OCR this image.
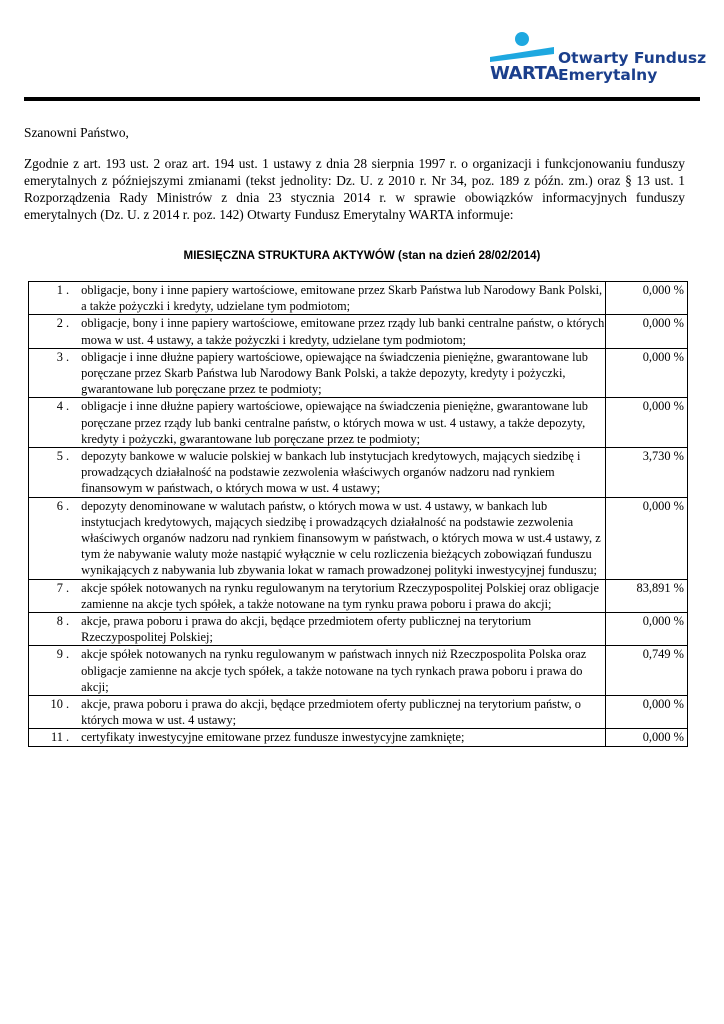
WARTA
Otwarty Fundusz
Emerytalny
Szanowni Państwo,
Zgodnie z art. 193 ust. 2 oraz art. 194 ust. 1 ustawy z dnia 28 sierpnia 1997 r. o organizacji i funkcjonowaniu funduszy emerytalnych z późniejszymi zmianami (tekst jednolity: Dz. U. z 2010 r. Nr 34, poz. 189 z późn. zm.) oraz § 13 ust. 1 Rozporządzenia Rady Ministrów z dnia 23 stycznia 2014 r. w sprawie obowiązków informacyjnych funduszy emerytalnych (Dz. U. z 2014 r. poz. 142) Otwarty Fundusz Emerytalny WARTA informuje:
MIESIĘCZNA STRUKTURA AKTYWÓW (stan na dzień 28/02/2014)
1 .	obligacje, bony i inne papiery wartościowe, emitowane przez Skarb Państwa lub Narodowy Bank Polski, a także pożyczki i kredyty, udzielane tym podmiotom;	0,000 %
2 .	obligacje, bony i inne papiery wartościowe, emitowane przez rządy lub banki centralne państw, o których mowa w ust. 4 ustawy, a także pożyczki i kredyty, udzielane tym podmiotom;	0,000 %
3 .	obligacje i inne dłużne papiery wartościowe, opiewające na świadczenia pieniężne, gwarantowane lub poręczane przez Skarb Państwa lub Narodowy Bank Polski, a także depozyty, kredyty i pożyczki, gwarantowane lub poręczane przez te podmioty;	0,000 %
4 .	obligacje i inne dłużne papiery wartościowe, opiewające na świadczenia pieniężne, gwarantowane lub poręczane przez rządy lub banki centralne państw, o których mowa w ust. 4 ustawy, a także depozyty, kredyty i pożyczki, gwarantowane lub poręczane przez te podmioty;	0,000 %
5 .	depozyty bankowe w walucie polskiej w bankach lub instytucjach kredytowych, mających siedzibę i prowadzących działalność na podstawie zezwolenia właściwych organów nadzoru nad rynkiem finansowym w państwach, o których mowa w ust. 4 ustawy;	3,730 %
6 .	depozyty denominowane w walutach państw, o których mowa w ust. 4 ustawy, w bankach lub instytucjach kredytowych, mających siedzibę i prowadzących działalność na podstawie zezwolenia właściwych organów nadzoru nad rynkiem finansowym w państwach, o których mowa w ust.4 ustawy, z tym że nabywanie waluty może nastąpić wyłącznie w celu rozliczenia bieżących zobowiązań funduszu wynikających z nabywania lub zbywania lokat w ramach prowadzonej polityki inwestycyjnej funduszu;	0,000 %
7 .	akcje spółek notowanych na rynku regulowanym na terytorium Rzeczypospolitej Polskiej oraz obligacje zamienne na akcje tych spółek, a także notowane na tym rynku prawa poboru i prawa do akcji;	83,891 %
8 .	akcje, prawa poboru i prawa do akcji, będące przedmiotem oferty publicznej na terytorium Rzeczypospolitej Polskiej;	0,000 %
9 .	akcje spółek notowanych na rynku regulowanym w państwach innych niż Rzeczpospolita Polska oraz obligacje zamienne na akcje tych spółek, a także notowane na tych rynkach prawa poboru i prawa do akcji;	0,749 %
10 .	akcje, prawa poboru i prawa do akcji, będące przedmiotem oferty publicznej na terytorium państw, o których mowa w ust. 4 ustawy;	0,000 %
11 .	certyfikaty inwestycyjne emitowane przez fundusze inwestycyjne zamknięte;	0,000 %
